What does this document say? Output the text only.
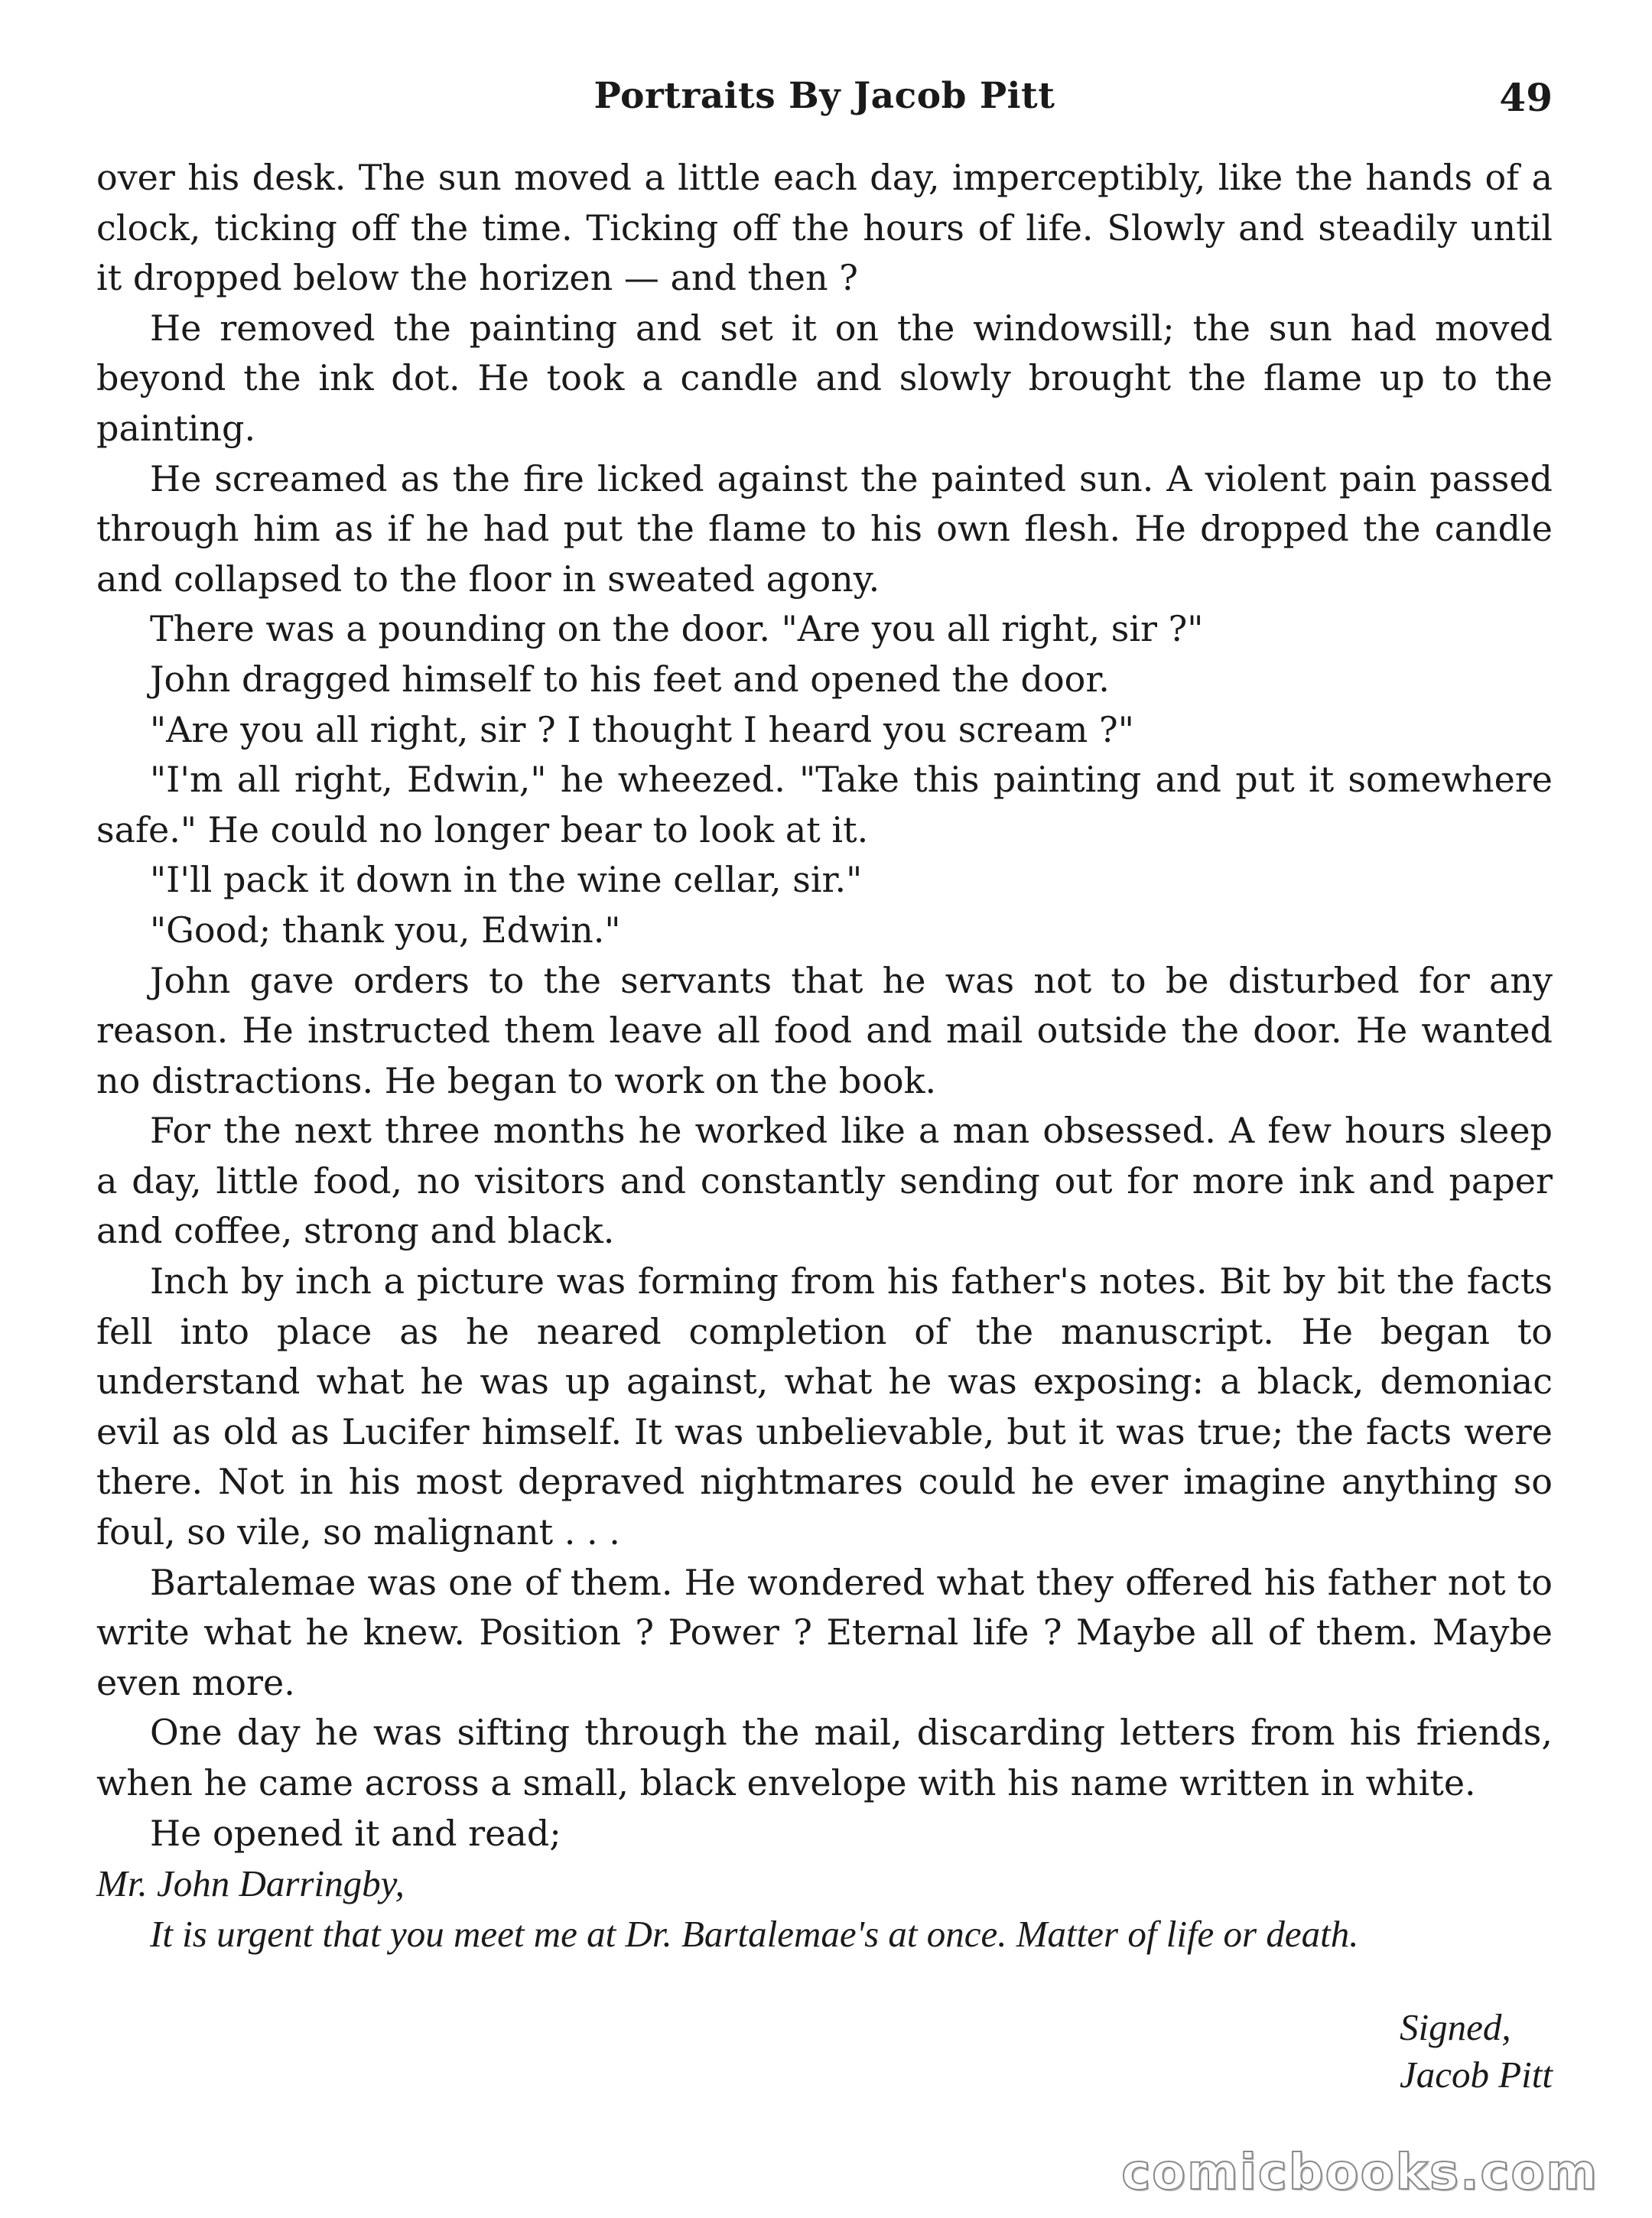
Portraits By Jacob Pitt	49

over his desk. The sun moved a little each day, imperceptibly, like the hands of a clock, ticking off the time. Ticking off the hours of life. Slowly and steadily until it dropped below the horizen — and then ?

He removed the painting and set it on the windowsill; the sun had moved beyond the ink dot. He took a candle and slowly brought the flame up to the painting.

He screamed as the fire licked against the painted sun. A violent pain passed through him as if he had put the flame to his own flesh. He dropped the candle and collapsed to the floor in sweated agony.

There was a pounding on the door. "Are you all right, sir ?"

John dragged himself to his feet and opened the door.

"Are you all right, sir ? I thought I heard you scream ?"

"I'm all right, Edwin," he wheezed. "Take this painting and put it somewhere safe." He could no longer bear to look at it.

"I'll pack it down in the wine cellar, sir."

"Good; thank you, Edwin."

John gave orders to the servants that he was not to be disturbed for any reason. He instructed them leave all food and mail outside the door. He wanted no distractions. He began to work on the book.

For the next three months he worked like a man obsessed. A few hours sleep a day, little food, no visitors and constantly sending out for more ink and paper and coffee, strong and black.

Inch by inch a picture was forming from his father's notes. Bit by bit the facts fell into place as he neared completion of the manuscript. He began to understand what he was up against, what he was exposing: a black, demoniac evil as old as Lucifer himself. It was unbelievable, but it was true; the facts were there. Not in his most depraved nightmares could he ever imagine anything so foul, so vile, so malignant . . .

Bartalemae was one of them. He wondered what they offered his father not to write what he knew. Position ? Power ? Eternal life ? Maybe all of them. Maybe even more.

One day he was sifting through the mail, discarding letters from his friends, when he came across a small, black envelope with his name written in white.

He opened it and read;

Mr. John Darringby,

It is urgent that you meet me at Dr. Bartalemae's at once. Matter of life or death.

Signed,
Jacob Pitt
comicbooks.com
